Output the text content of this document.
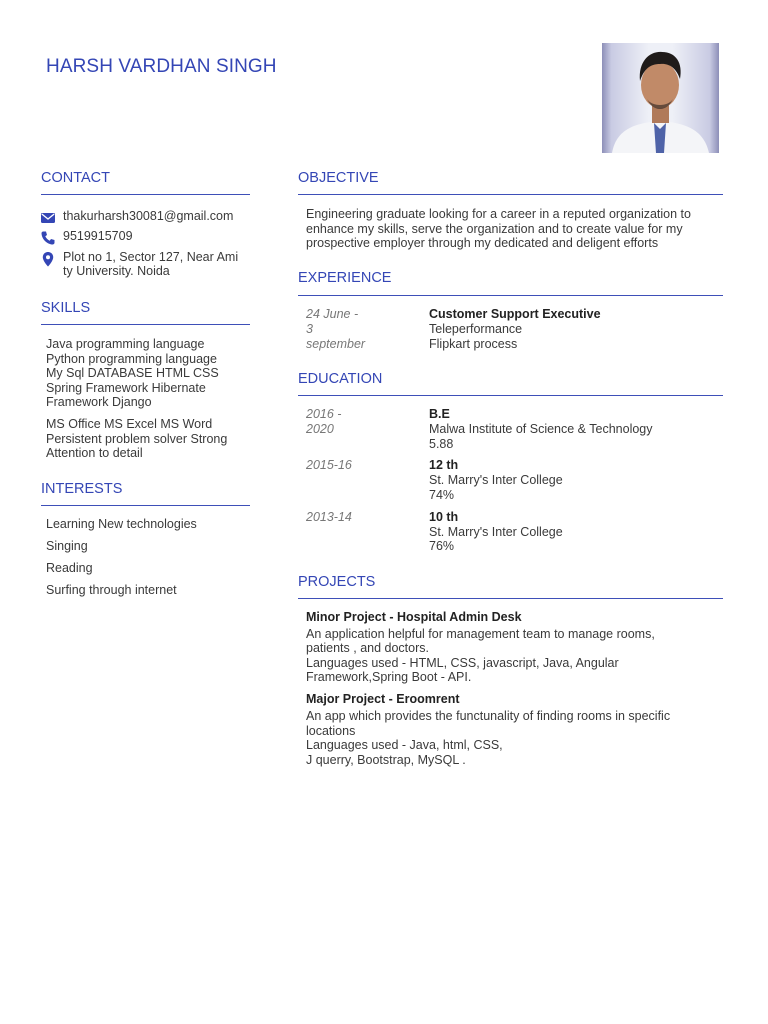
HARSH VARDHAN SINGH
CONTACT

thakurharsh30081@gmail.com

9519915709

Plot no 1, Sector 127, Near Ami

ty University. Noida

SKILLS

Java programming language

Python programming language

My Sql DATABASE HTML CSS

Spring Framework Hibernate

Framework Django

MS Office MS Excel MS Word

Persistent problem solver Strong

Attention to detail

INTERESTS

Learning New technologies

Singing

Reading

Surfing through internet

OBJECTIVE

Engineering graduate looking for a career in a reputed organization to

enhance my skills, serve the organization and to create value for my

prospective employer through my dedicated and deligent efforts

EXPERIENCE

24 June -

3

september

Customer Support Executive

Teleperformance

Flipkart process

EDUCATION

2016 -

2020

B.E

Malwa Institute of Science & Technology

5.88

2015-16	12 th

St. Marry's Inter College

74%

2013-14	10 th

St. Marry's Inter College

76%

PROJECTS

Minor Project - Hospital Admin Desk

An application helpful for management team to manage rooms,

patients , and doctors.

Languages used - HTML, CSS, javascript, Java, Angular

Framework,Spring Boot - API.

Major Project - Eroomrent

An app which provides the functunality of finding rooms in specific

locations

Languages used - Java, html, CSS,

J querry, Bootstrap, MySQL .
